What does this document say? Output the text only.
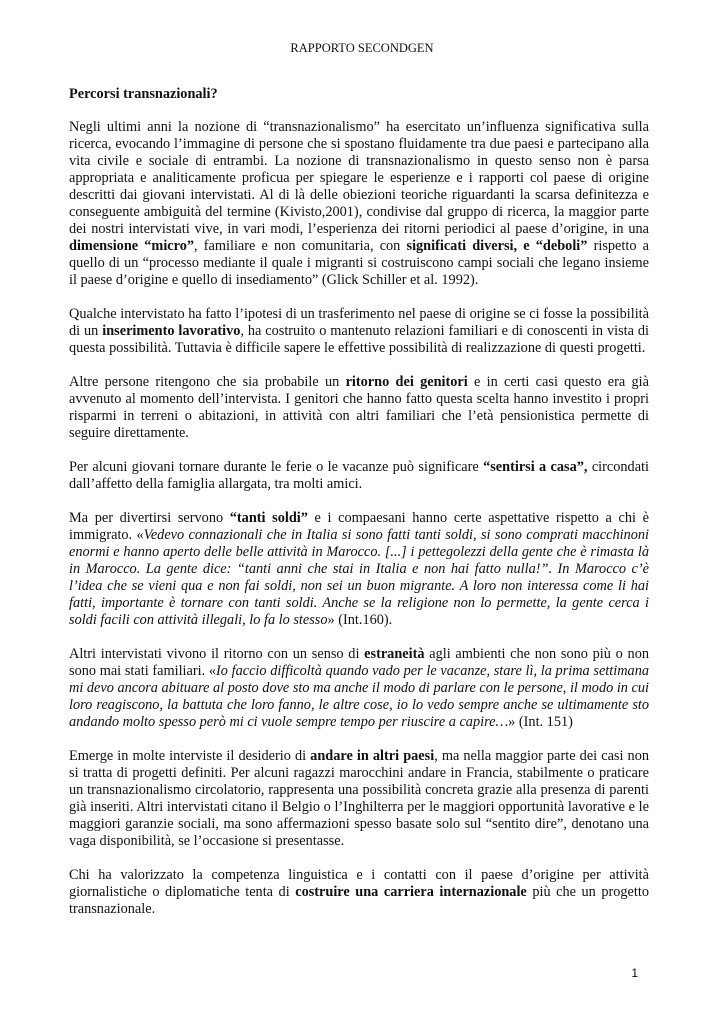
RAPPORTO SECONDGEN
Percorsi transnazionali?

Negli ultimi anni la nozione di “transnazionalismo” ha esercitato un’influenza significativa sulla ricerca, evocando l’immagine di persone che si spostano fluidamente tra due paesi e partecipano alla vita civile e sociale di entrambi. La nozione di transnazionalismo in questo senso non è parsa appropriata e analiticamente proficua per spiegare le esperienze e i rapporti col paese di origine descritti dai giovani intervistati. Al di là delle obiezioni teoriche riguardanti la scarsa definitezza e conseguente ambiguità del termine (Kivisto,2001), condivise dal gruppo di ricerca, la maggior parte dei nostri intervistati vive, in vari modi, l’esperienza dei ritorni periodici al paese d’origine, in una dimensione “micro”, familiare e non comunitaria, con significati diversi, e “deboli” rispetto a quello di un “processo mediante il quale i migranti si costruiscono campi sociali che legano insieme il paese d’origine e quello di insediamento” (Glick Schiller et al. 1992).

Qualche intervistato ha fatto l’ipotesi di un trasferimento nel paese di origine se ci fosse la possibilità di un inserimento lavorativo, ha costruito o mantenuto relazioni familiari e di conoscenti in vista di questa possibilità. Tuttavia è difficile sapere le effettive possibilità di realizzazione di questi progetti.

Altre persone ritengono che sia probabile un ritorno dei genitori e in certi casi questo era già avvenuto al momento dell’intervista. I genitori che hanno fatto questa scelta hanno investito i propri risparmi in terreni o abitazioni, in attività con altri familiari che l’età pensionistica permette di seguire direttamente.

Per alcuni giovani tornare durante le ferie o le vacanze può significare “sentirsi a casa”, circondati dall’affetto della famiglia allargata, tra molti amici.

Ma per divertirsi servono “tanti soldi” e i compaesani hanno certe aspettative rispetto a chi è immigrato. «Vedevo connazionali che in Italia si sono fatti tanti soldi, si sono comprati macchinoni enormi e hanno aperto delle belle attività in Marocco. [...] i pettegolezzi della gente che è rimasta là in Marocco. La gente dice: “tanti anni che stai in Italia e non hai fatto nulla!”. In Marocco c’è l’idea che se vieni qua e non fai soldi, non sei un buon migrante. A loro non interessa come li hai fatti, importante è tornare con tanti soldi. Anche se la religione non lo permette, la gente cerca i soldi facili con attività illegali, lo fa lo stesso» (Int.160).

Altri intervistati vivono il ritorno con un senso di estraneità agli ambienti che non sono più o non sono mai stati familiari. «Io faccio difficoltà quando vado per le vacanze, stare lì, la prima settimana mi devo ancora abituare al posto dove sto ma anche il modo di parlare con le persone, il modo in cui loro reagiscono, la battuta che loro fanno, le altre cose, io lo vedo sempre anche se ultimamente sto andando molto spesso però mi ci vuole sempre tempo per riuscire a capire…» (Int. 151)

Emerge in molte interviste il desiderio di andare in altri paesi, ma nella maggior parte dei casi non si tratta di progetti definiti. Per alcuni ragazzi marocchini andare in Francia, stabilmente o praticare un transnazionalismo circolatorio, rappresenta una possibilità concreta grazie alla presenza di parenti già inseriti. Altri intervistati citano il Belgio o l’Inghilterra per le maggiori opportunità lavorative e le maggiori garanzie sociali, ma sono affermazioni spesso basate solo sul “sentito dire”, denotano una vaga disponibilità, se l’occasione si presentasse.

Chi ha valorizzato la competenza linguistica e i contatti con il paese d’origine per attività giornalistiche o diplomatiche tenta di costruire una carriera internazionale più che un progetto transnazionale.

1
